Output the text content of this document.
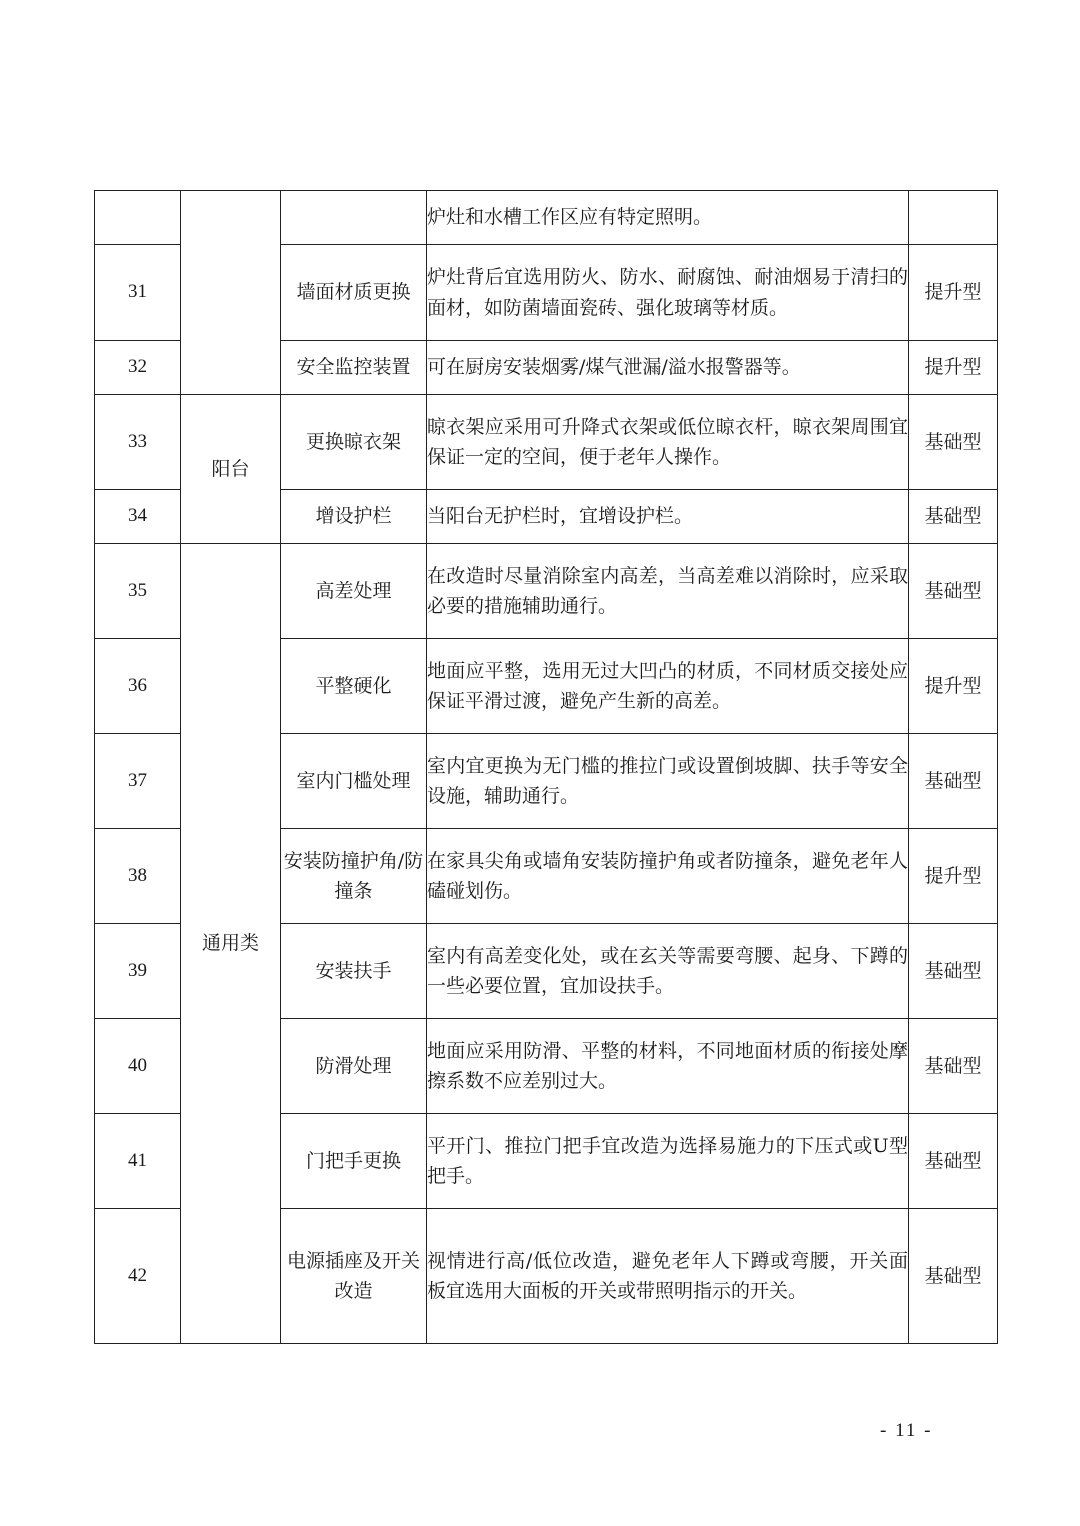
			炉灶和水槽工作区应有特定照明。	
31		墙面材质更换	炉灶背后宜选用防火、防水、耐腐蚀、耐油烟易于清扫的面材，如防菌墙面瓷砖、强化玻璃等材质。	提升型
32		安全监控装置	可在厨房安装烟雾/煤气泄漏/溢水报警器等。	提升型
33	阳台	更换晾衣架	晾衣架应采用可升降式衣架或低位晾衣杆，晾衣架周围宜保证一定的空间，便于老年人操作。	基础型
34		增设护栏	当阳台无护栏时，宜增设护栏。	基础型
35	通用类	高差处理	在改造时尽量消除室内高差，当高差难以消除时，应采取必要的措施辅助通行。	基础型
36		平整硬化	地面应平整，选用无过大凹凸的材质，不同材质交接处应保证平滑过渡，避免产生新的高差。	提升型
37		室内门槛处理	室内宜更换为无门槛的推拉门或设置倒坡脚、扶手等安全设施，辅助通行。	基础型
38		安装防撞护角/防撞条	在家具尖角或墙角安装防撞护角或者防撞条，避免老年人磕碰划伤。	提升型
39		安装扶手	室内有高差变化处，或在玄关等需要弯腰、起身、下蹲的一些必要位置，宜加设扶手。	基础型
40		防滑处理	地面应采用防滑、平整的材料，不同地面材质的衔接处摩擦系数不应差别过大。	基础型
41		门把手更换	平开门、推拉门把手宜改造为选择易施力的下压式或U型把手。	基础型
42		电源插座及开关改造	视情进行高/低位改造，避免老年人下蹲或弯腰，开关面板宜选用大面板的开关或带照明指示的开关。	基础型
- 11 -
